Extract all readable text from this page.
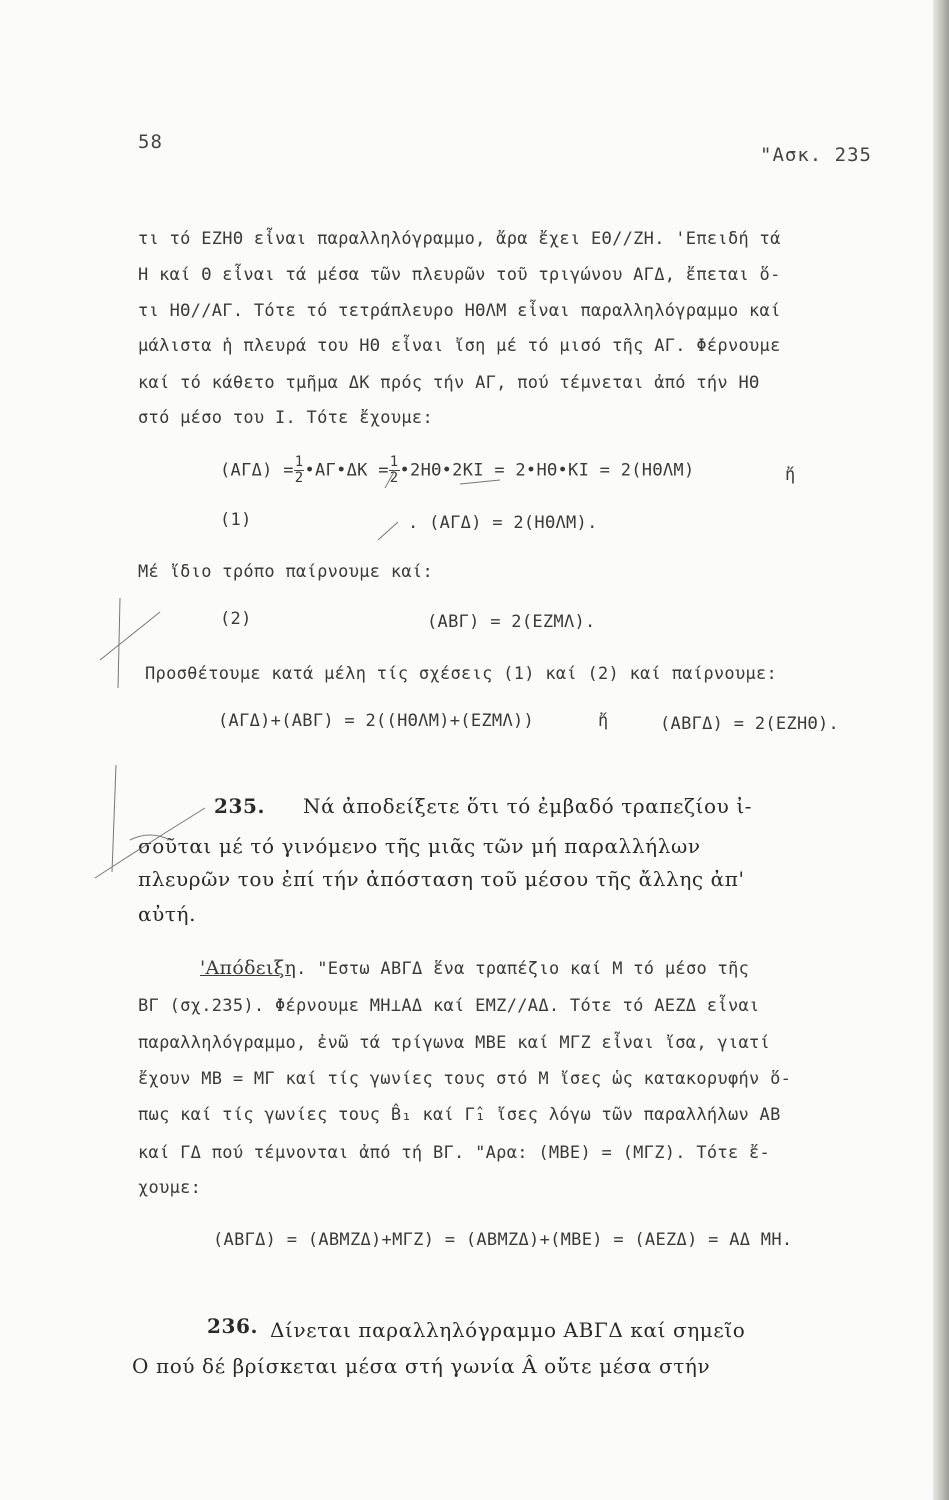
58
"Ασκ. 235
τι τό ΕΖΗΘ εἶναι παραλληλόγραμμο, ἄρα ἔχει ΕΘ//ΖΗ. 'Επειδή τά
Η καί Θ εἶναι τά μέσα τῶν πλευρῶν τοῦ τριγώνου ΑΓΔ, ἔπεται ὅ-
τι ΗΘ//ΑΓ. Τότε τό τετράπλευρο ΗΘΛΜ εἶναι παραλληλόγραμμο καί
μάλιστα ἡ πλευρά του ΗΘ εἶναι ἴση μέ τό μισό τῆς ΑΓ. Φέρνουμε
καί τό κάθετο τμῆμα ΔΚ πρός τήν ΑΓ, πού τέμνεται ἀπό τήν ΗΘ
στό μέσο του Ι. Τότε ἔχουμε:
$(A\Gamma\Delta) = \frac{1}{2}$ •ΑΓ•ΔΚ = $\frac{1}{2}$ •2ΗΘ•2ΚΙ = 2•ΗΘ•ΚΙ = 2(ΗΘΛΜ)	ἤ
(1)	. (ΑΓΔ) = 2(ΗΘΛΜ).
Μέ ἴδιο τρόπο παίρνουμε καί:
(2)	(ΑΒΓ) = 2(ΕΖΜΛ).
Προσθέτουμε κατά μέλη τίς σχέσεις (1) καί (2) καί παίρνουμε:
(ΑΓΔ)+(ΑΒΓ) = 2((ΗΘΛΜ)+(ΕΖΜΛ))	ἤ	(ΑΒΓΔ) = 2(ΕΖΗΘ).
235. Νά ἀποδείξετε ὅτι τό ἐμβαδό τραπεζίου ἰ-
σοῦται μέ τό γινόμενο τῆς μιᾶς τῶν μή παραλλήλων
πλευρῶν του ἐπί τήν ἀπόσταση τοῦ μέσου τῆς ἄλλης ἀπ'
αὐτή.
'Απόδειξη. "Εστω ΑΒΓΔ ἕνα τραπέζιο καί Μ τό μέσο τῆς
ΒΓ (σχ.235). Φέρνουμε ΜΗ⊥ΑΔ καί ΕΜΖ//ΑΔ. Τότε τό ΑΕΖΔ εἶναι
παραλληλόγραμμο, ἐνῶ τά τρίγωνα ΜΒΕ καί ΜΓΖ εἶναι ἴσα, γιατί
ἔχουν ΜΒ = ΜΓ καί τίς γωνίες τους στό Μ ἴσες ὡς κατακορυφήν ὅ-
πως καί τίς γωνίες τους B̂₁ καί Γ̂₁ ἴσες λόγω τῶν παραλλήλων ΑΒ
καί ΓΔ πού τέμνονται ἀπό τή ΒΓ. "Αρα: (ΜΒΕ) = (ΜΓΖ). Τότε ἔ-
χουμε:
(ΑΒΓΔ) = (ΑΒΜΖΔ)+ΜΓΖ) = (ΑΒΜΖΔ)+(ΜΒΕ) = (ΑΕΖΔ) = ΑΔ ΜΗ.
236. Δίνεται παραλληλόγραμμο ΑΒΓΔ καί σημεῖο
Ο πού δέ βρίσκεται μέσα στή γωνία Â οὔτε μέσα στήν
